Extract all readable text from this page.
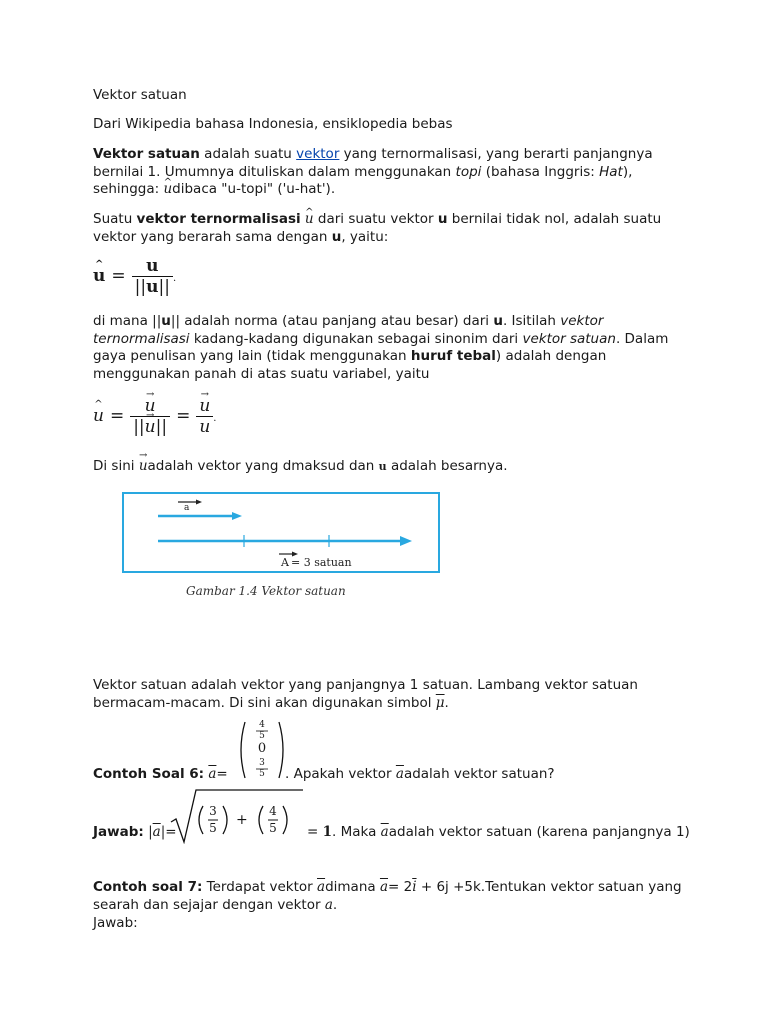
Vektor satuan
Dari Wikipedia bahasa Indonesia, ensiklopedia bebas
Vektor satuan adalah suatu vektor yang ternormalisasi, yang berarti panjangnya bernilai 1. Umumnya dituliskan dalam menggunakan topi (bahasa Inggris: Hat), sehingga: ^ udibaca "u-topi" ('u-hat').
Suatu vektor ternormalisasi ^ u dari suatu vektor u bernilai tidak nol, adalah suatu vektor yang berarah sama dengan u, yaitu:
^ $u = \frac{u}{||u||}$ .
di mana ||u|| adalah norma (atau panjang atau besar) dari u. Isitilah vektor ternormalisasi kadang-kadang digunakan sebagai sinonim dari vektor satuan. Dalam gaya penulisan yang lain (tidak menggunakan huruf tebal) adalah dengan menggunakan panah di atas suatu variabel, yaitu
^ u = → $\frac{u}{||\to u||}$ = → $\frac{u}{u}$ .
Di sini → uadalah vektor yang dmaksud dan u adalah besarnya.
a
A = 3 satuan
Gambar 1.4 Vektor satuan
Vektor satuan adalah vektor yang panjangnya 1 satuan. Lambang vektor satuan bermacam-macam. Di sini akan digunakan simbol $\overline{\mu}$.
Contoh Soal 6: $\overline{a}=$
4
5
0
3
5	. Apakah vektor $\overline{a}adalah$ vektor satuan?
Jawab: $|\overline{a}|=$
+
3
5
4
5	= 1. Maka $\overline{a}adalah$ vektor satuan (karena panjangnya 1)
Contoh soal 7: Terdapat vektor $\overline{a}dimana$ $\overline{a}= 2\overline{i} + 6j$ +5k.Tentukan vektor satuan yang searah dan sejajar dengan vektor a.
Jawab:
